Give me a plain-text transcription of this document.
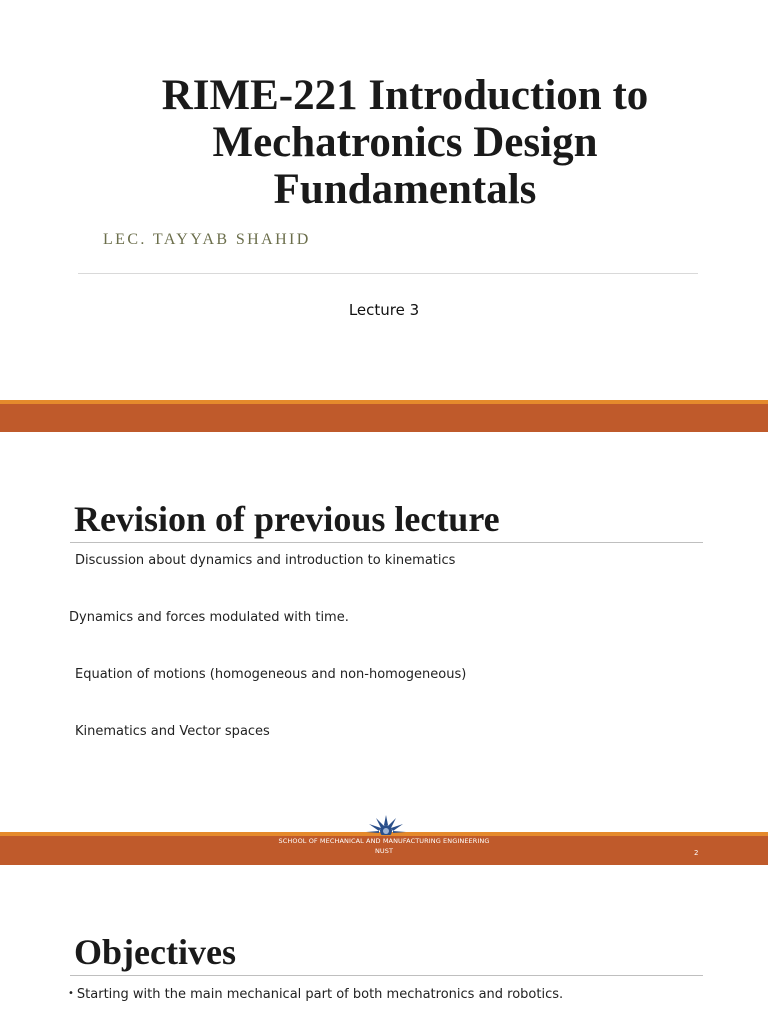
RIME-221 Introduction to
Mechatronics Design
Fundamentals
LEC. TAYYAB SHAHID
Lecture 3
Revision of previous lecture
Discussion about dynamics and introduction to kinematics
Dynamics and forces modulated with time.
Equation of motions (homogeneous and non-homogeneous)
Kinematics and Vector spaces
SCHOOL OF MECHANICAL AND MANUFACTURING ENGINEERING
NUST	2
Objectives
• Starting with the main mechanical part of both mechatronics and robotics.
